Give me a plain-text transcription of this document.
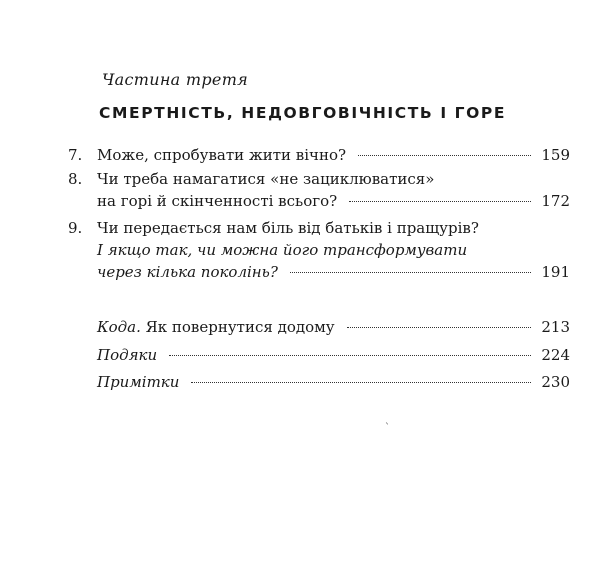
Частина третя
СМЕРТНІСТЬ, НЕДОВГОВІЧНІСТЬ І ГОРЕ
7. Може, спробувати жити вічно?	159
8. Чи треба намагатися «не зациклюватися»
на горі й скінченності всього?	172
9. Чи передається нам біль від батьків і пращурів?
І якщо так, чи можна його трансформувати
через кілька поколінь?	191
Кода. Як повернутися додому	213
Подяки	224
Примітки	230
`
